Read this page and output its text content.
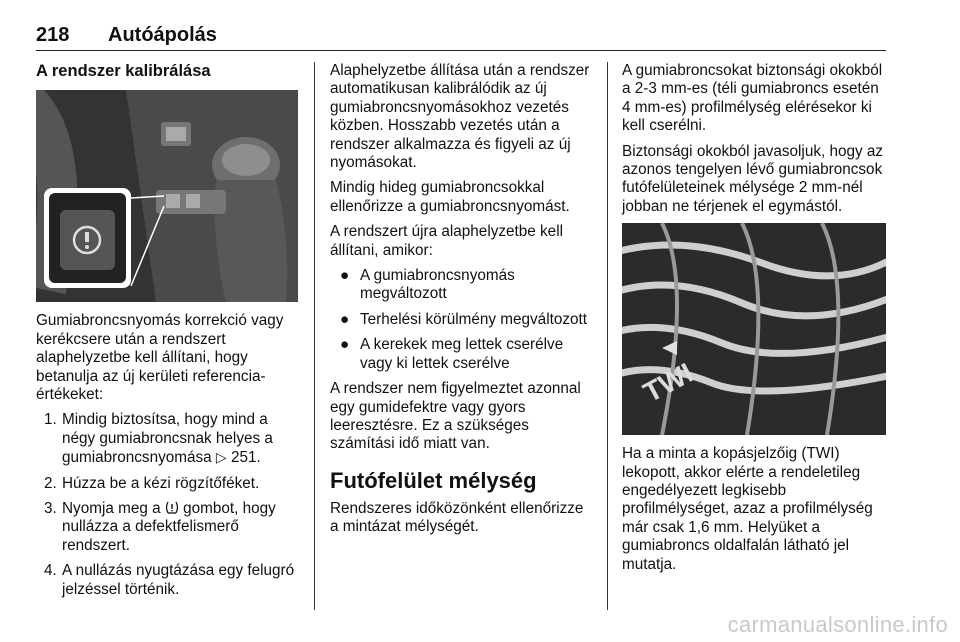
218 Autóápolás
A rendszer kalibrálása

Gumiabroncsnyomás korrekció vagy kerékcsere után a rendszert alaphelyzetbe kell állítani, hogy betanulja az új kerületi referencia-értékeket:

1. Mindig biztosítsa, hogy mind a négy gumiabroncsnak helyes a gumiabroncsnyomása ▷ 251.
2. Húzza be a kézi rögzítőféket.
3. Nyomja meg a gombot, hogy nullázza a defektfelismerő rendszert.
4. A nullázás nyugtázása egy felugró jelzéssel történik.

Alaphelyzetbe állítása után a rendszer automatikusan kalibrálódik az új gumiabroncsnyomásokhoz vezetés közben. Hosszabb vezetés után a rendszer alkalmazza és figyeli az új nyomásokat.

Mindig hideg gumiabroncsokkal ellenőrizze a gumiabroncsnyomást.

A rendszert újra alaphelyzetbe kell állítani, amikor:

● A gumiabroncsnyomás megváltozott
● Terhelési körülmény megváltozott
● A kerekek meg lettek cserélve vagy ki lettek cserélve

A rendszer nem figyelmeztet azonnal egy gumidefektre vagy gyors leeresztésre. Ez a szükséges számítási idő miatt van.

Futófelület mélység

Rendszeres időközönként ellenőrizze a mintázat mélységét.

A gumiabroncsokat biztonsági okokból a 2-3 mm-es (téli gumiabroncs esetén 4 mm-es) profilmélység elérésekor ki kell cserélni.

Biztonsági okokból javasoljuk, hogy az azonos tengelyen lévő gumiabroncsok futófelületeinek mélysége 2 mm-nél jobban ne térjenek el egymástól.

TWI

Ha a minta a kopásjelzőig (TWI) lekopott, akkor elérte a rendeletileg engedélyezett legkisebb profilmélységet, azaz a profilmélység már csak 1,6 mm. Helyüket a gumiabroncs oldalfalán látható jel mutatja.

carmanualsonline.info
